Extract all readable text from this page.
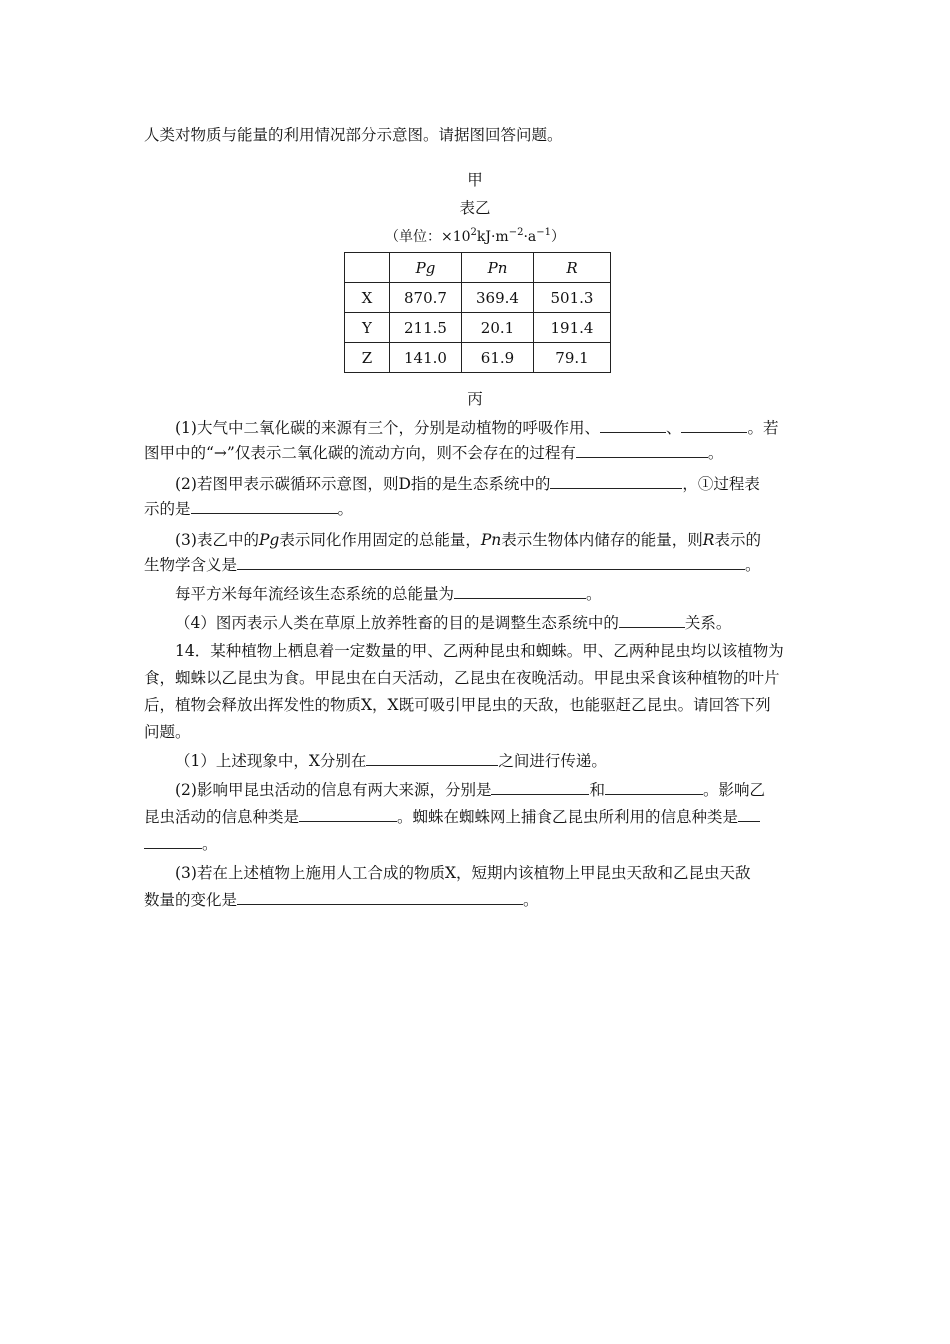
人类对物质与能量的利用情况部分示意图。请据图回答问题。
甲
表乙
（单位：$\times 10^2kJ\cdot m^{-2}\cdot a^{-1}$）
	Pg	Pn	R
X	870.7	369.4	501.3
Y	211.5	20.1	191.4
Z	141.0	61.9	79.1
丙
(1)大气中二氧化碳的来源有三个，分别是动植物的呼吸作用、	、	。若
图甲中的“→”仅表示二氧化碳的流动方向，则不会存在的过程有	。
(2)若图甲表示碳循环示意图，则D指的是生态系统中的	，①过程表
示的是	。
(3)表乙中的Pg表示同化作用固定的总能量，Pn表示生物体内储存的能量，则R表示的
生物学含义是	。
每平方米每年流经该生态系统的总能量为	。
（4）图丙表示人类在草原上放养牲畜的目的是调整生态系统中的	关系。
14．某种植物上栖息着一定数量的甲、乙两种昆虫和蜘蛛。甲、乙两种昆虫均以该植物为
食，蜘蛛以乙昆虫为食。甲昆虫在白天活动，乙昆虫在夜晚活动。甲昆虫采食该种植物的叶片
后，植物会释放出挥发性的物质X，X既可吸引甲昆虫的天敌，也能驱赶乙昆虫。请回答下列
问题。
（1）上述现象中，X分别在	之间进行传递。
(2)影响甲昆虫活动的信息有两大来源，分别是	和	。影响乙
昆虫活动的信息种类是	。蜘蛛在蜘蛛网上捕食乙昆虫所利用的信息种类是
。
(3)若在上述植物上施用人工合成的物质X，短期内该植物上甲昆虫天敌和乙昆虫天敌
数量的变化是	。
